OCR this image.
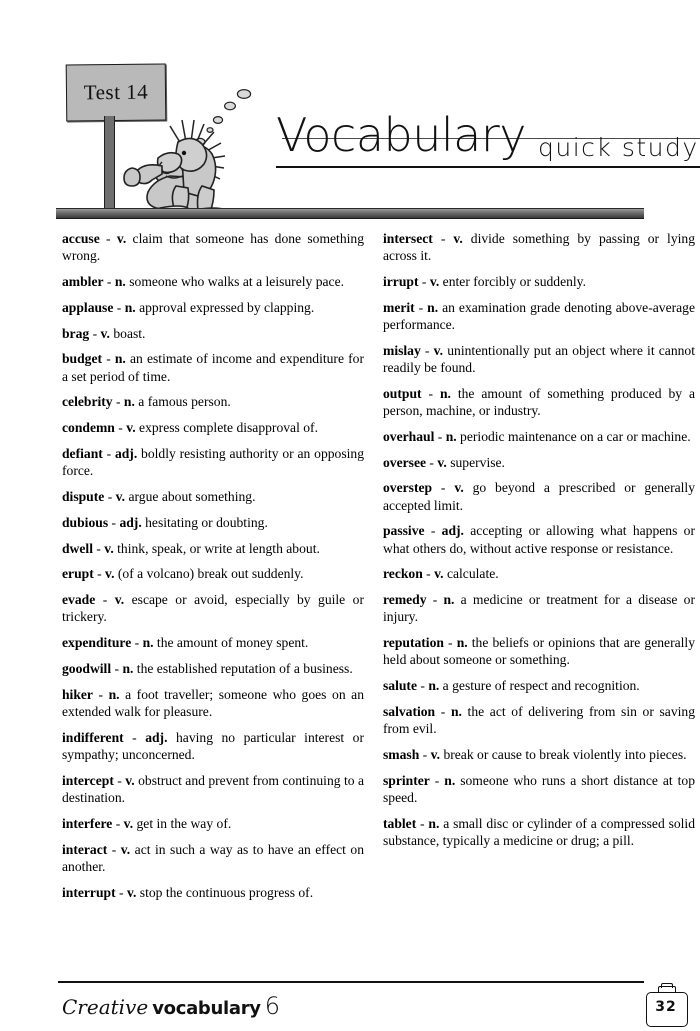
Test 14
Vocabulary quick study

accuse - v. claim that someone has done something wrong.

ambler - n. someone who walks at a leisurely pace.

applause - n. approval expressed by clapping.

brag - v. boast.

budget - n. an estimate of income and expenditure for a set period of time.

celebrity - n. a famous person.

condemn - v. express complete disapproval of.

defiant - adj. boldly resisting authority or an opposing force.

dispute - v. argue about something.

dubious - adj. hesitating or doubting.

dwell - v. think, speak, or write at length about.

erupt - v. (of a volcano) break out suddenly.

evade - v. escape or avoid, especially by guile or trickery.

expenditure - n. the amount of money spent.

goodwill - n. the established reputation of a business.

hiker - n. a foot traveller; someone who goes on an extended walk for pleasure.

indifferent - adj. having no particular interest or sympathy; unconcerned.

intercept - v. obstruct and prevent from continuing to a destination.

interfere - v. get in the way of.

interact - v. act in such a way as to have an effect on another.

interrupt - v. stop the continuous progress of.

intersect - v. divide something by passing or lying across it.

irrupt - v. enter forcibly or suddenly.

merit - n. an examination grade denoting above-average performance.

mislay - v. unintentionally put an object where it cannot readily be found.

output - n. the amount of something produced by a person, machine, or industry.

overhaul - n. periodic maintenance on a car or machine.

oversee - v. supervise.

overstep - v. go beyond a prescribed or generally accepted limit.

passive - adj. accepting or allowing what happens or what others do, without active response or resistance.

reckon - v. calculate.

remedy - n. a medicine or treatment for a disease or injury.

reputation - n. the beliefs or opinions that are generally held about someone or something.

salute - n. a gesture of respect and recognition.

salvation - n. the act of delivering from sin or saving from evil.

smash - v. break or cause to break violently into pieces.

sprinter - n. someone who runs a short distance at top speed.

tablet - n. a small disc or cylinder of a compressed solid substance, typically a medicine or drug; a pill.

Creative vocabulary 6	32
